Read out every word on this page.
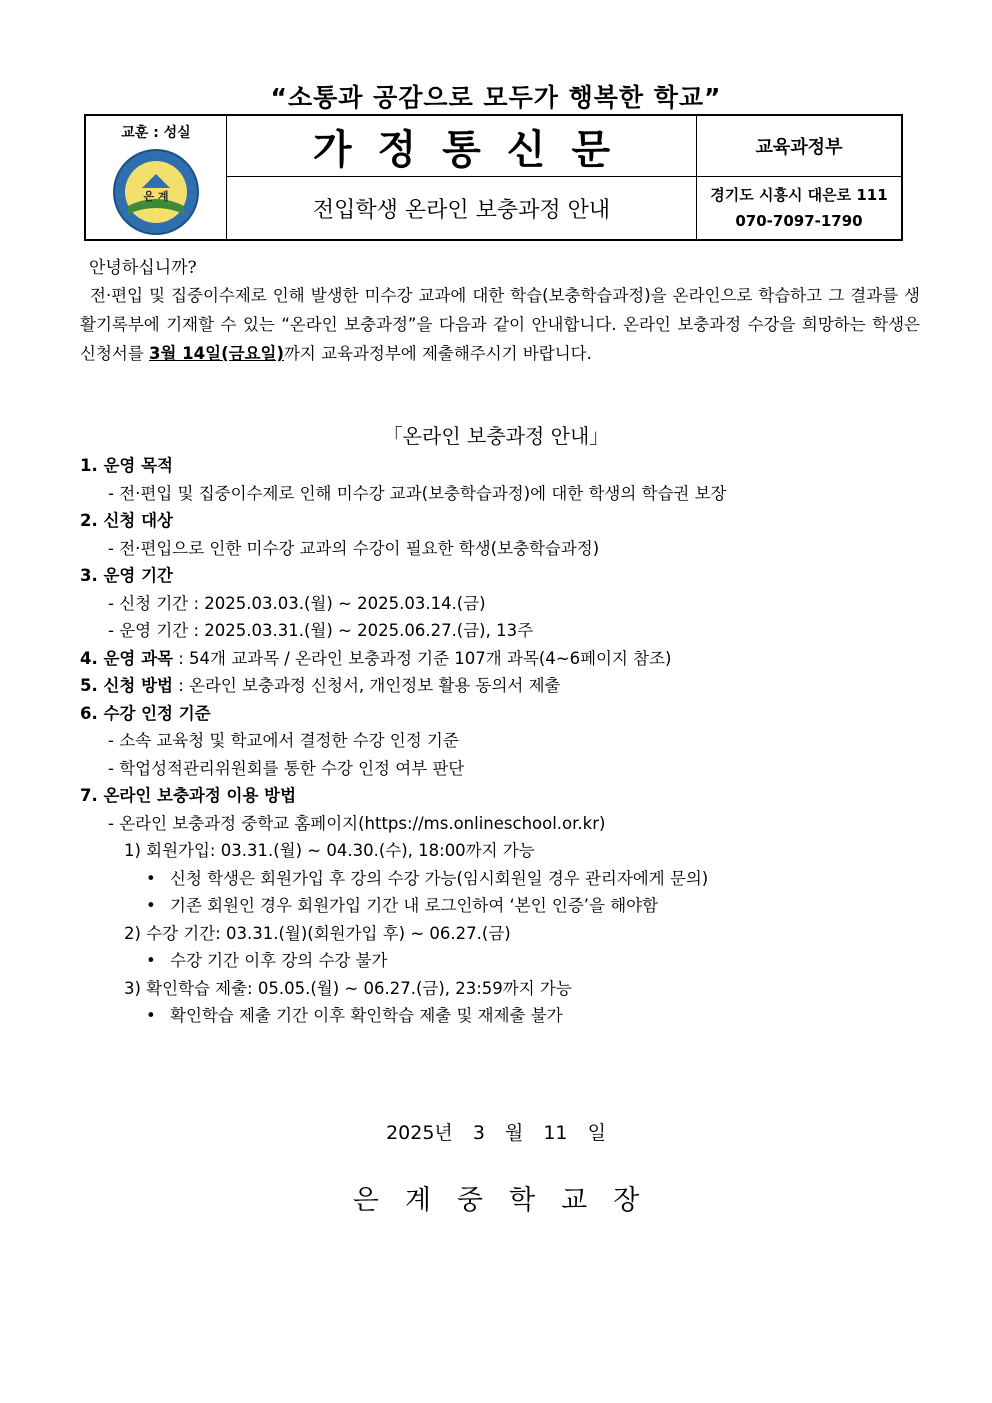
“소통과 공감으로 모두가 행복한 학교”
교훈 : 성실
은 계	가정통신문	교육과정부
	전입학생 온라인 보충과정 안내	경기도 시흥시 대은로 111
070-7097-1790
안녕하십니까?
전·편입 및 집중이수제로 인해 발생한 미수강 교과에 대한 학습(보충학습과정)을 온라인으로 학습하고 그 결과를 생활기록부에 기재할 수 있는 “온라인 보충과정”을 다음과 같이 안내합니다. 온라인 보충과정 수강을 희망하는 학생은 신청서를 3월 14일(금요일)까지 교육과정부에 제출해주시기 바랍니다.
「온라인 보충과정 안내」
1. 운영 목적
- 전·편입 및 집중이수제로 인해 미수강 교과(보충학습과정)에 대한 학생의 학습권 보장
2. 신청 대상
- 전·편입으로 인한 미수강 교과의 수강이 필요한 학생(보충학습과정)
3. 운영 기간
- 신청 기간 : 2025.03.03.(월) ~ 2025.03.14.(금)
- 운영 기간 : 2025.03.31.(월) ~ 2025.06.27.(금), 13주
4. 운영 과목 : 54개 교과목 / 온라인 보충과정 기준 107개 과목(4~6페이지 참조)
5. 신청 방법 : 온라인 보충과정 신청서, 개인정보 활용 동의서 제출
6. 수강 인정 기준
- 소속 교육청 및 학교에서 결정한 수강 인정 기준
- 학업성적관리위원회를 통한 수강 인정 여부 판단
7. 온라인 보충과정 이용 방법
- 온라인 보충과정 중학교 홈페이지(https://ms.onlineschool.or.kr)
1) 회원가입: 03.31.(월) ~ 04.30.(수), 18:00까지 가능
• 신청 학생은 회원가입 후 강의 수강 가능(임시회원일 경우 관리자에게 문의)
• 기존 회원인 경우 회원가입 기간 내 로그인하여 ‘본인 인증’을 해야함
2) 수강 기간: 03.31.(월)(회원가입 후) ~ 06.27.(금)
• 수강 기간 이후 강의 수강 불가
3) 확인학습 제출: 05.05.(월) ~ 06.27.(금), 23:59까지 가능
• 확인학습 제출 기간 이후 확인학습 제출 및 재제출 불가
2025년 3 월 11 일
은계중학교장
